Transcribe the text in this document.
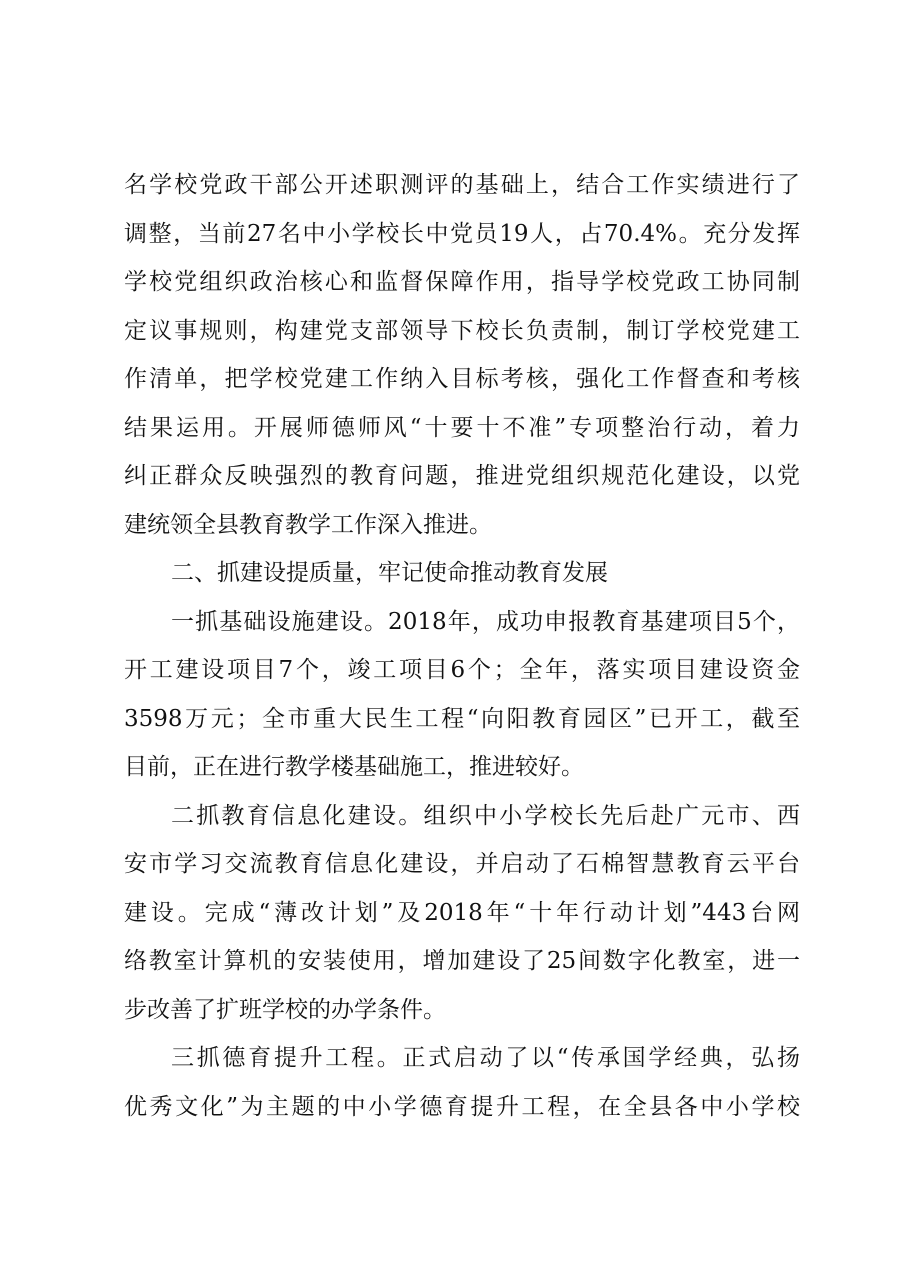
名学校党政干部公开述职测评的基础上，结合工作实绩进行了
调整，当前27名中小学校长中党员19人，占70.4%。充分发挥
学校党组织政治核心和监督保障作用，指导学校党政工协同制
定议事规则，构建党支部领导下校长负责制，制订学校党建工
作清单，把学校党建工作纳入目标考核，强化工作督查和考核
结果运用。开展师德师风“十要十不准”专项整治行动，着力
纠正群众反映强烈的教育问题，推进党组织规范化建设，以党
建统领全县教育教学工作深入推进。
二、抓建设提质量，牢记使命推动教育发展
一抓基础设施建设。2018年，成功申报教育基建项目5个，
开工建设项目7个，竣工项目6个；全年，落实项目建设资金
3598万元；全市重大民生工程“向阳教育园区”已开工，截至
目前，正在进行教学楼基础施工，推进较好。
二抓教育信息化建设。组织中小学校长先后赴广元市、西
安市学习交流教育信息化建设，并启动了石棉智慧教育云平台
建设。完成“薄改计划”及2018年“十年行动计划”443台网
络教室计算机的安装使用，增加建设了25间数字化教室，进一
步改善了扩班学校的办学条件。
三抓德育提升工程。正式启动了以“传承国学经典，弘扬
优秀文化”为主题的中小学德育提升工程，在全县各中小学校
